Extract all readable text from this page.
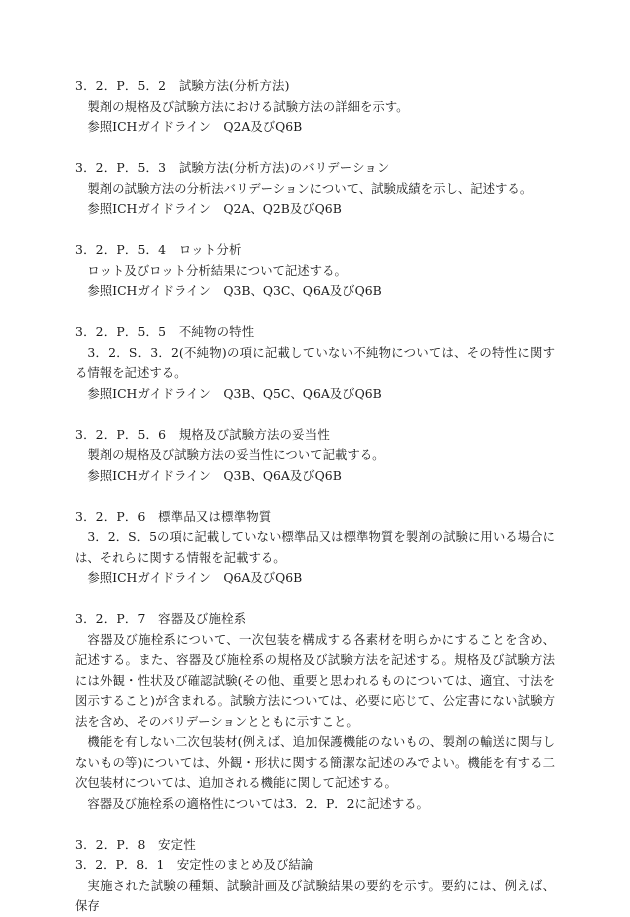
3．2．P．5．2　試験方法(分析方法)

製剤の規格及び試験方法における試験方法の詳細を示す。

参照ICHガイドライン　Q2A及びQ6B
3．2．P．5．3　試験方法(分析方法)のバリデーション

製剤の試験方法の分析法バリデーションについて、試験成績を示し、記述する。

参照ICHガイドライン　Q2A、Q2B及びQ6B
3．2．P．5．4　ロット分析

ロット及びロット分析結果について記述する。

参照ICHガイドライン　Q3B、Q3C、Q6A及びQ6B
3．2．P．5．5　不純物の特性

3．2．S．3．2(不純物)の項に記載していない不純物については、その特性に関する情報を記述する。

参照ICHガイドライン　Q3B、Q5C、Q6A及びQ6B
3．2．P．5．6　規格及び試験方法の妥当性

製剤の規格及び試験方法の妥当性について記載する。

参照ICHガイドライン　Q3B、Q6A及びQ6B
3．2．P．6　標準品又は標準物質

3．2．S．5の項に記載していない標準品又は標準物質を製剤の試験に用いる場合には、それらに関する情報を記載する。

参照ICHガイドライン　Q6A及びQ6B
3．2．P．7　容器及び施栓系

容器及び施栓系について、一次包装を構成する各素材を明らかにすることを含め、記述する。また、容器及び施栓系の規格及び試験方法を記述する。規格及び試験方法には外観・性状及び確認試験(その他、重要と思われるものについては、適宜、寸法を図示すること)が含まれる。試験方法については、必要に応じて、公定書にない試験方法を含め、そのバリデーションとともに示すこと。

機能を有しない二次包装材(例えば、追加保護機能のないもの、製剤の輸送に関与しないもの等)については、外観・形状に関する簡潔な記述のみでよい。機能を有する二次包装材については、追加される機能に関して記述する。

容器及び施栓系の適格性については3．2．P．2に記述する。

3．2．P．8　安定性
3．2．P．8．1　安定性のまとめ及び結論

実施された試験の種類、試験計画及び試験結果の要約を示す。要約には、例えば、保存
